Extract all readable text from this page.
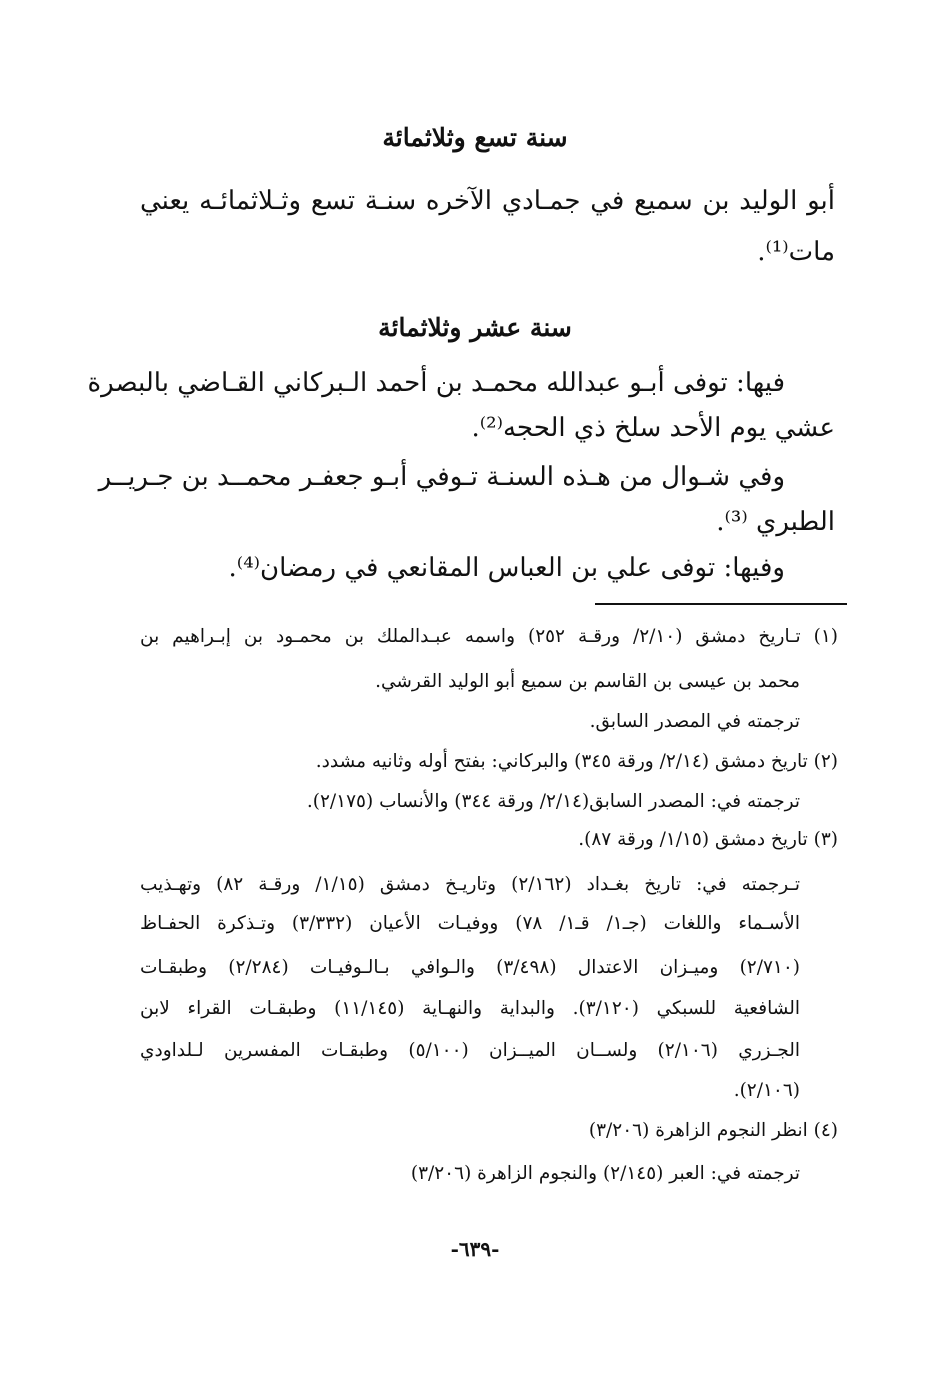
سنة تسع وثلاثمائة
أبو الوليد بن سميع في جمـادي الآخره سنـة تسع وثـلاثمائـه يعني
مات⁽¹⁾.
سنة عشر وثلاثمائة
فيها: توفى أبـو عبدالله محمـد بن أحمد الـبركاني القـاضي بالبصرة
عشي يوم الأحد سلخ ذي الحجه⁽²⁾.
وفي شـوال من هـذه السنـة تـوفي أبـو جعفـر محمــد بن جـريــر
الطبري ⁽³⁾.
وفيها: توفى علي بن العباس المقانعي في رمضان⁽⁴⁾.
(١) تـاريخ دمشق (٢/١٠/ ورقـة ٢٥٢) واسمه عبـدالملك بن محمـود بن إبـراهيم بن
محمد بن عيسى بن القاسم بن سميع أبو الوليد القرشي.
ترجمته في المصدر السابق.
(٢) تاريخ دمشق (٢/١٤/ ورقة ٣٤٥) والبركاني: بفتح أوله وثانيه مشدد.
ترجمته في: المصدر السابق(٢/١٤/ ورقة ٣٤٤) والأنساب (٢/١٧٥).
(٣) تاريخ دمشق (١/١٥/ ورقة ٨٧).
تـرجمته في: تاريخ بغـداد (٢/١٦٢) وتاريـخ دمشق (١/١٥/ ورقـة ٨٢) وتهـذيب
الأسـماء واللغات (جـ١/ قـ١/ ٧٨) ووفيـات الأعيان (٣/٣٣٢) وتـذكرة الحفـاظ
(٢/٧١٠) وميـزان الاعتدال (٣/٤٩٨) والـوافي بـالـوفيـات (٢/٢٨٤) وطبقـات
الشافعية للسبكي (٣/١٢٠). والبداية والنهـاية (١١/١٤٥) وطبقـات القراء لابن
الجـزري (٢/١٠٦) ولســان الميــزان (٥/١٠٠) وطبقـات المفسرين لـلداودي
(٢/١٠٦).
(٤) انظر النجوم الزاهرة (٣/٢٠٦)
ترجمته في: العبر (٢/١٤٥) والنجوم الزاهرة (٣/٢٠٦)
-٦٣٩-
